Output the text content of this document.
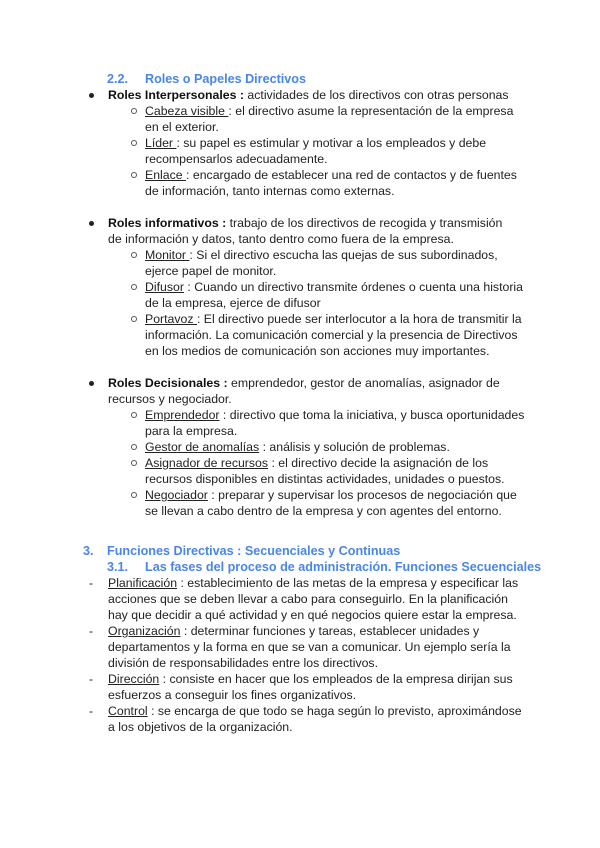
2.2. Roles o Papeles Directivos
Roles Interpersonales : actividades de los directivos con otras personas
Cabeza visible : el directivo asume la representación de la empresa en el exterior.
Líder : su papel es estimular y motivar a los empleados y debe recompensarlos adecuadamente.
Enlace : encargado de establecer una red de contactos y de fuentes de información, tanto internas como externas.
Roles informativos : trabajo de los directivos de recogida y transmisión de información y datos, tanto dentro como fuera de la empresa.
Monitor : Si el directivo escucha las quejas de sus subordinados, ejerce papel de monitor.
Difusor : Cuando un directivo transmite órdenes o cuenta una historia de la empresa, ejerce de difusor
Portavoz : El directivo puede ser interlocutor a la hora de transmitir la información. La comunicación comercial y la presencia de Directivos en los medios de comunicación son acciones muy importantes.
Roles Decisionales : emprendedor, gestor de anomalías, asignador de recursos y negociador.
Emprendedor : directivo que toma la iniciativa, y busca oportunidades para la empresa.
Gestor de anomalías : análisis y solución de problemas.
Asignador de recursos : el directivo decide la asignación de los recursos disponibles en distintas actividades, unidades o puestos.
Negociador : preparar y supervisar los procesos de negociación que se llevan a cabo dentro de la empresa y con agentes del entorno.
3. Funciones Directivas : Secuenciales y Continuas
3.1. Las fases del proceso de administración. Funciones Secuenciales
- Planificación : establecimiento de las metas de la empresa y especificar las acciones que se deben llevar a cabo para conseguirlo. En la planificación hay que decidir a qué actividad y en qué negocios quiere estar la empresa.
- Organización : determinar funciones y tareas, establecer unidades y departamentos y la forma en que se van a comunicar. Un ejemplo sería la división de responsabilidades entre los directivos.
- Dirección : consiste en hacer que los empleados de la empresa dirijan sus esfuerzos a conseguir los fines organizativos.
- Control : se encarga de que todo se haga según lo previsto, aproximándose a los objetivos de la organización.
